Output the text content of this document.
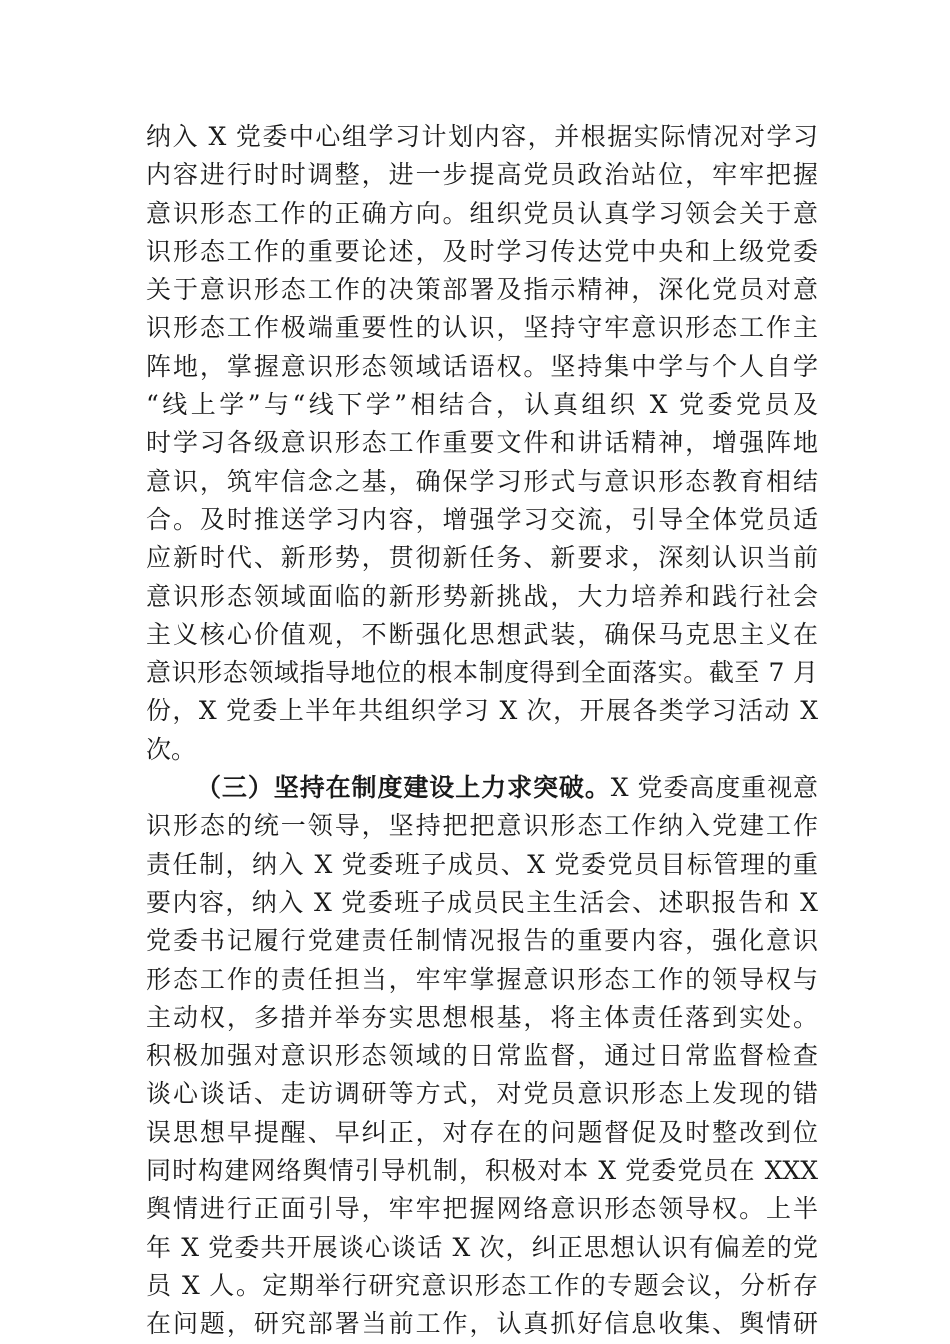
纳入 X 党委中心组学习计划内容，并根据实际情况对学习
内容进行时时调整，进一步提高党员政治站位，牢牢把握
意识形态工作的正确方向。组织党员认真学习领会关于意
识形态工作的重要论述，及时学习传达党中央和上级党委
关于意识形态工作的决策部署及指示精神，深化党员对意
识形态工作极端重要性的认识，坚持守牢意识形态工作主
阵地，掌握意识形态领域话语权。坚持集中学与个人自学
“线上学”与“线下学”相结合，认真组织 X 党委党员及
时学习各级意识形态工作重要文件和讲话精神，增强阵地
意识，筑牢信念之基，确保学习形式与意识形态教育相结
合。及时推送学习内容，增强学习交流，引导全体党员适
应新时代、新形势，贯彻新任务、新要求，深刻认识当前
意识形态领域面临的新形势新挑战，大力培养和践行社会
主义核心价值观，不断强化思想武装，确保马克思主义在
意识形态领域指导地位的根本制度得到全面落实。截至 7 月
份，X 党委上半年共组织学习 X 次，开展各类学习活动 X
次。
（三）坚持在制度建设上力求突破。X 党委高度重视意
识形态的统一领导，坚持把把意识形态工作纳入党建工作
责任制，纳入 X 党委班子成员、X 党委党员目标管理的重
要内容，纳入 X 党委班子成员民主生活会、述职报告和 X
党委书记履行党建责任制情况报告的重要内容，强化意识
形态工作的责任担当，牢牢掌握意识形态工作的领导权与
主动权，多措并举夯实思想根基，将主体责任落到实处。
积极加强对意识形态领域的日常监督，通过日常监督检查
谈心谈话、走访调研等方式，对党员意识形态上发现的错
误思想早提醒、早纠正，对存在的问题督促及时整改到位
同时构建网络舆情引导机制，积极对本 X 党委党员在 XXX
舆情进行正面引导，牢牢把握网络意识形态领导权。上半
年 X 党委共开展谈心谈话 X 次，纠正思想认识有偏差的党
员 X 人。定期举行研究意识形态工作的专题会议，分析存
在问题，研究部署当前工作，认真抓好信息收集、舆情研
